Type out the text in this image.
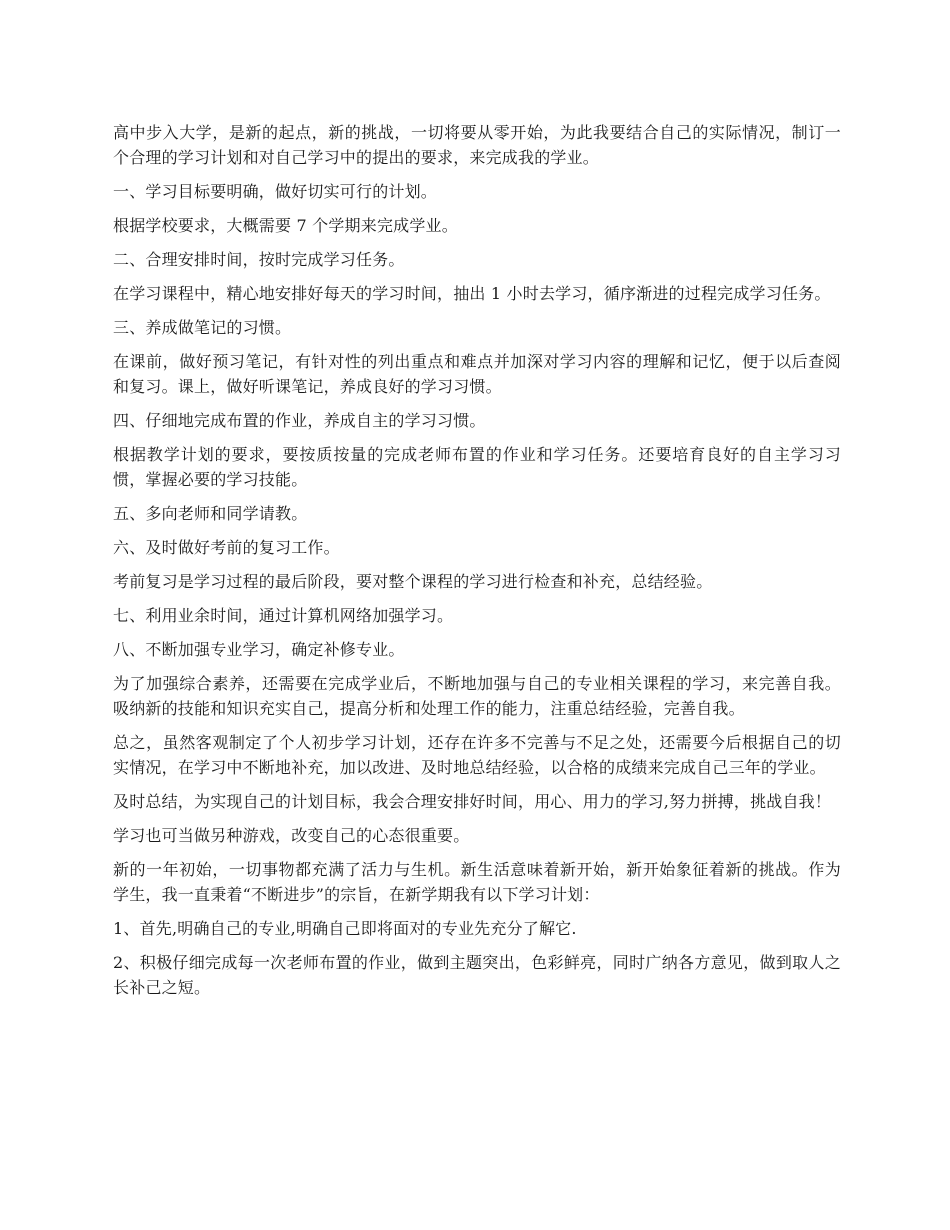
高中步入大学，是新的起点，新的挑战，一切将要从零开始，为此我要结合自己的实际情况，制订一个合理的学习计划和对自己学习中的提出的要求，来完成我的学业。

一、学习目标要明确，做好切实可行的计划。

根据学校要求，大概需要 7 个学期来完成学业。

二、合理安排时间，按时完成学习任务。

在学习课程中，精心地安排好每天的学习时间，抽出 1 小时去学习，循序渐进的过程完成学习任务。

三、养成做笔记的习惯。

在课前，做好预习笔记，有针对性的列出重点和难点并加深对学习内容的理解和记忆，便于以后查阅和复习。课上，做好听课笔记，养成良好的学习习惯。

四、仔细地完成布置的作业，养成自主的学习习惯。

根据教学计划的要求，要按质按量的完成老师布置的作业和学习任务。还要培育良好的自主学习习惯，掌握必要的学习技能。

五、多向老师和同学请教。

六、及时做好考前的复习工作。

考前复习是学习过程的最后阶段，要对整个课程的学习进行检查和补充，总结经验。

七、利用业余时间，通过计算机网络加强学习。

八、不断加强专业学习，确定补修专业。

为了加强综合素养，还需要在完成学业后，不断地加强与自己的专业相关课程的学习，来完善自我。吸纳新的技能和知识充实自己，提高分析和处理工作的能力，注重总结经验，完善自我。

总之，虽然客观制定了个人初步学习计划，还存在许多不完善与不足之处，还需要今后根据自己的切实情况，在学习中不断地补充，加以改进、及时地总结经验，以合格的成绩来完成自己三年的学业。

及时总结，为实现自己的计划目标，我会合理安排好时间，用心、用力的学习,努力拼搏，挑战自我！

学习也可当做另种游戏，改变自己的心态很重要。

新的一年初始，一切事物都充满了活力与生机。新生活意味着新开始，新开始象征着新的挑战。作为学生，我一直秉着“不断进步”的宗旨，在新学期我有以下学习计划：

1、首先,明确自己的专业,明确自己即将面对的专业先充分了解它.

2、积极仔细完成每一次老师布置的作业，做到主题突出，色彩鲜亮，同时广纳各方意见，做到取人之长补己之短。
